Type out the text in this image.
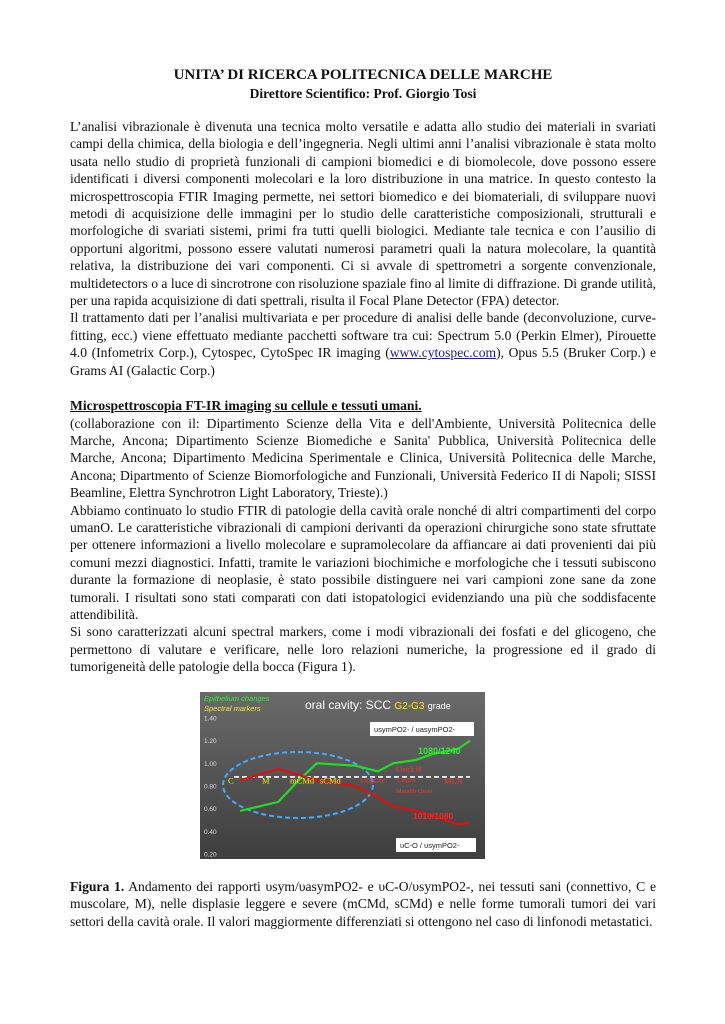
UNITA’ DI RICERCA POLITECNICA DELLE MARCHE

Direttore Scientifico: Prof. Giorgio Tosi

L’analisi vibrazionale è divenuta una tecnica molto versatile e adatta allo studio dei materiali in svariati campi della chimica, della biologia e dell’ingegneria. Negli ultimi anni l’analisi vibrazionale è stata molto usata nello studio di proprietà funzionali di campioni biomedici e di biomolecole, dove possono essere identificati i diversi componenti molecolari e la loro distribuzione in una matrice. In questo contesto la microspettroscopia FTIR Imaging permette, nei settori biomedico e dei biomateriali, di sviluppare nuovi metodi di acquisizione delle immagini per lo studio delle caratteristiche composizionali, strutturali e morfologiche di svariati sistemi, primi fra tutti quelli biologici. Mediante tale tecnica e con l’ausilio di opportuni algoritmi, possono essere valutati numerosi parametri quali la natura molecolare, la quantità relativa, la distribuzione dei vari componenti. Ci si avvale di spettrometri a sorgente convenzionale, multidetectors o a luce di sincrotrone con risoluzione spaziale fino al limite di diffrazione. Di grande utilità, per una rapida acquisizione di dati spettrali, risulta il Focal Plane Detector (FPA) detector.

Il trattamento dati per l’analisi multivariata e per procedure di analisi delle bande (deconvoluzione, curve-fitting, ecc.) viene effettuato mediante pacchetti software tra cui: Spectrum 5.0 (Perkin Elmer), Pirouette 4.0 (Infometrix Corp.), Cytospec, CytoSpec IR imaging (www.cytospec.com), Opus 5.5 (Bruker Corp.) e Grams AI (Galactic Corp.)

Microspettroscopia FT-IR imaging su cellule e tessuti umani.

(collaborazione con il: Dipartimento Scienze della Vita e dell'Ambiente, Università Politecnica delle Marche, Ancona; Dipartimento Scienze Biomediche e Sanita' Pubblica, Università Politecnica delle Marche, Ancona; Dipartimento Medicina Sperimentale e Clinica, Università Politecnica delle Marche, Ancona; Dipartmento of Scienze Biomorfologiche and Funzionali, Università Federico II di Napoli; SISSI Beamline, Elettra Synchrotron Light Laboratory, Trieste).)

Abbiamo continuato lo studio FTIR di patologie della cavità orale nonché di altri compartimenti del corpo umanO. Le caratteristiche vibrazionali di campioni derivanti da operazioni chirurgiche sono state sfruttate per ottenere informazioni a livello molecolare e supramolecolare da affiancare ai dati provenienti dai più comuni mezzi diagnostici. Infatti, tramite le variazioni biochimiche e morfologiche che i tessuti subiscono durante la formazione di neoplasie, è stato possibile distinguere nei vari campioni zone sane da zone tumorali. I risultati sono stati comparati con dati istopatologici evidenziando una più che soddisfacente attendibilità.

Si sono caratterizzati alcuni spectral markers, come i modi vibrazionali dei fosfati e del glicogeno, che permettono di valutare e verificare, nelle loro relazioni numeriche, la progressione ed il grado di tumorigeneità delle patologie della bocca (Figura 1).

Epithelium changes
Spectral markers	oral cavity: SCC G2-G3 grade
1.40
1.20
1.00
0.80
0.60
0.40
0.20
C	M mCMd sCMd	Linguale
Check M
Lingua
Mandib Ossei
MLN
υsymPO2- / υasymPO2-
1080/1240
1010/1080
υC-O / υsymPO2-

Figura 1. Andamento dei rapporti υsym/υasymPO2- e υC-O/υsymPO2-, nei tessuti sani (connettivo, C e muscolare, M), nelle displasie leggere e severe (mCMd, sCMd) e nelle forme tumorali tumori dei vari settori della cavità orale. Il valori maggiormente differenziati si ottengono nel caso di linfonodi metastatici.
